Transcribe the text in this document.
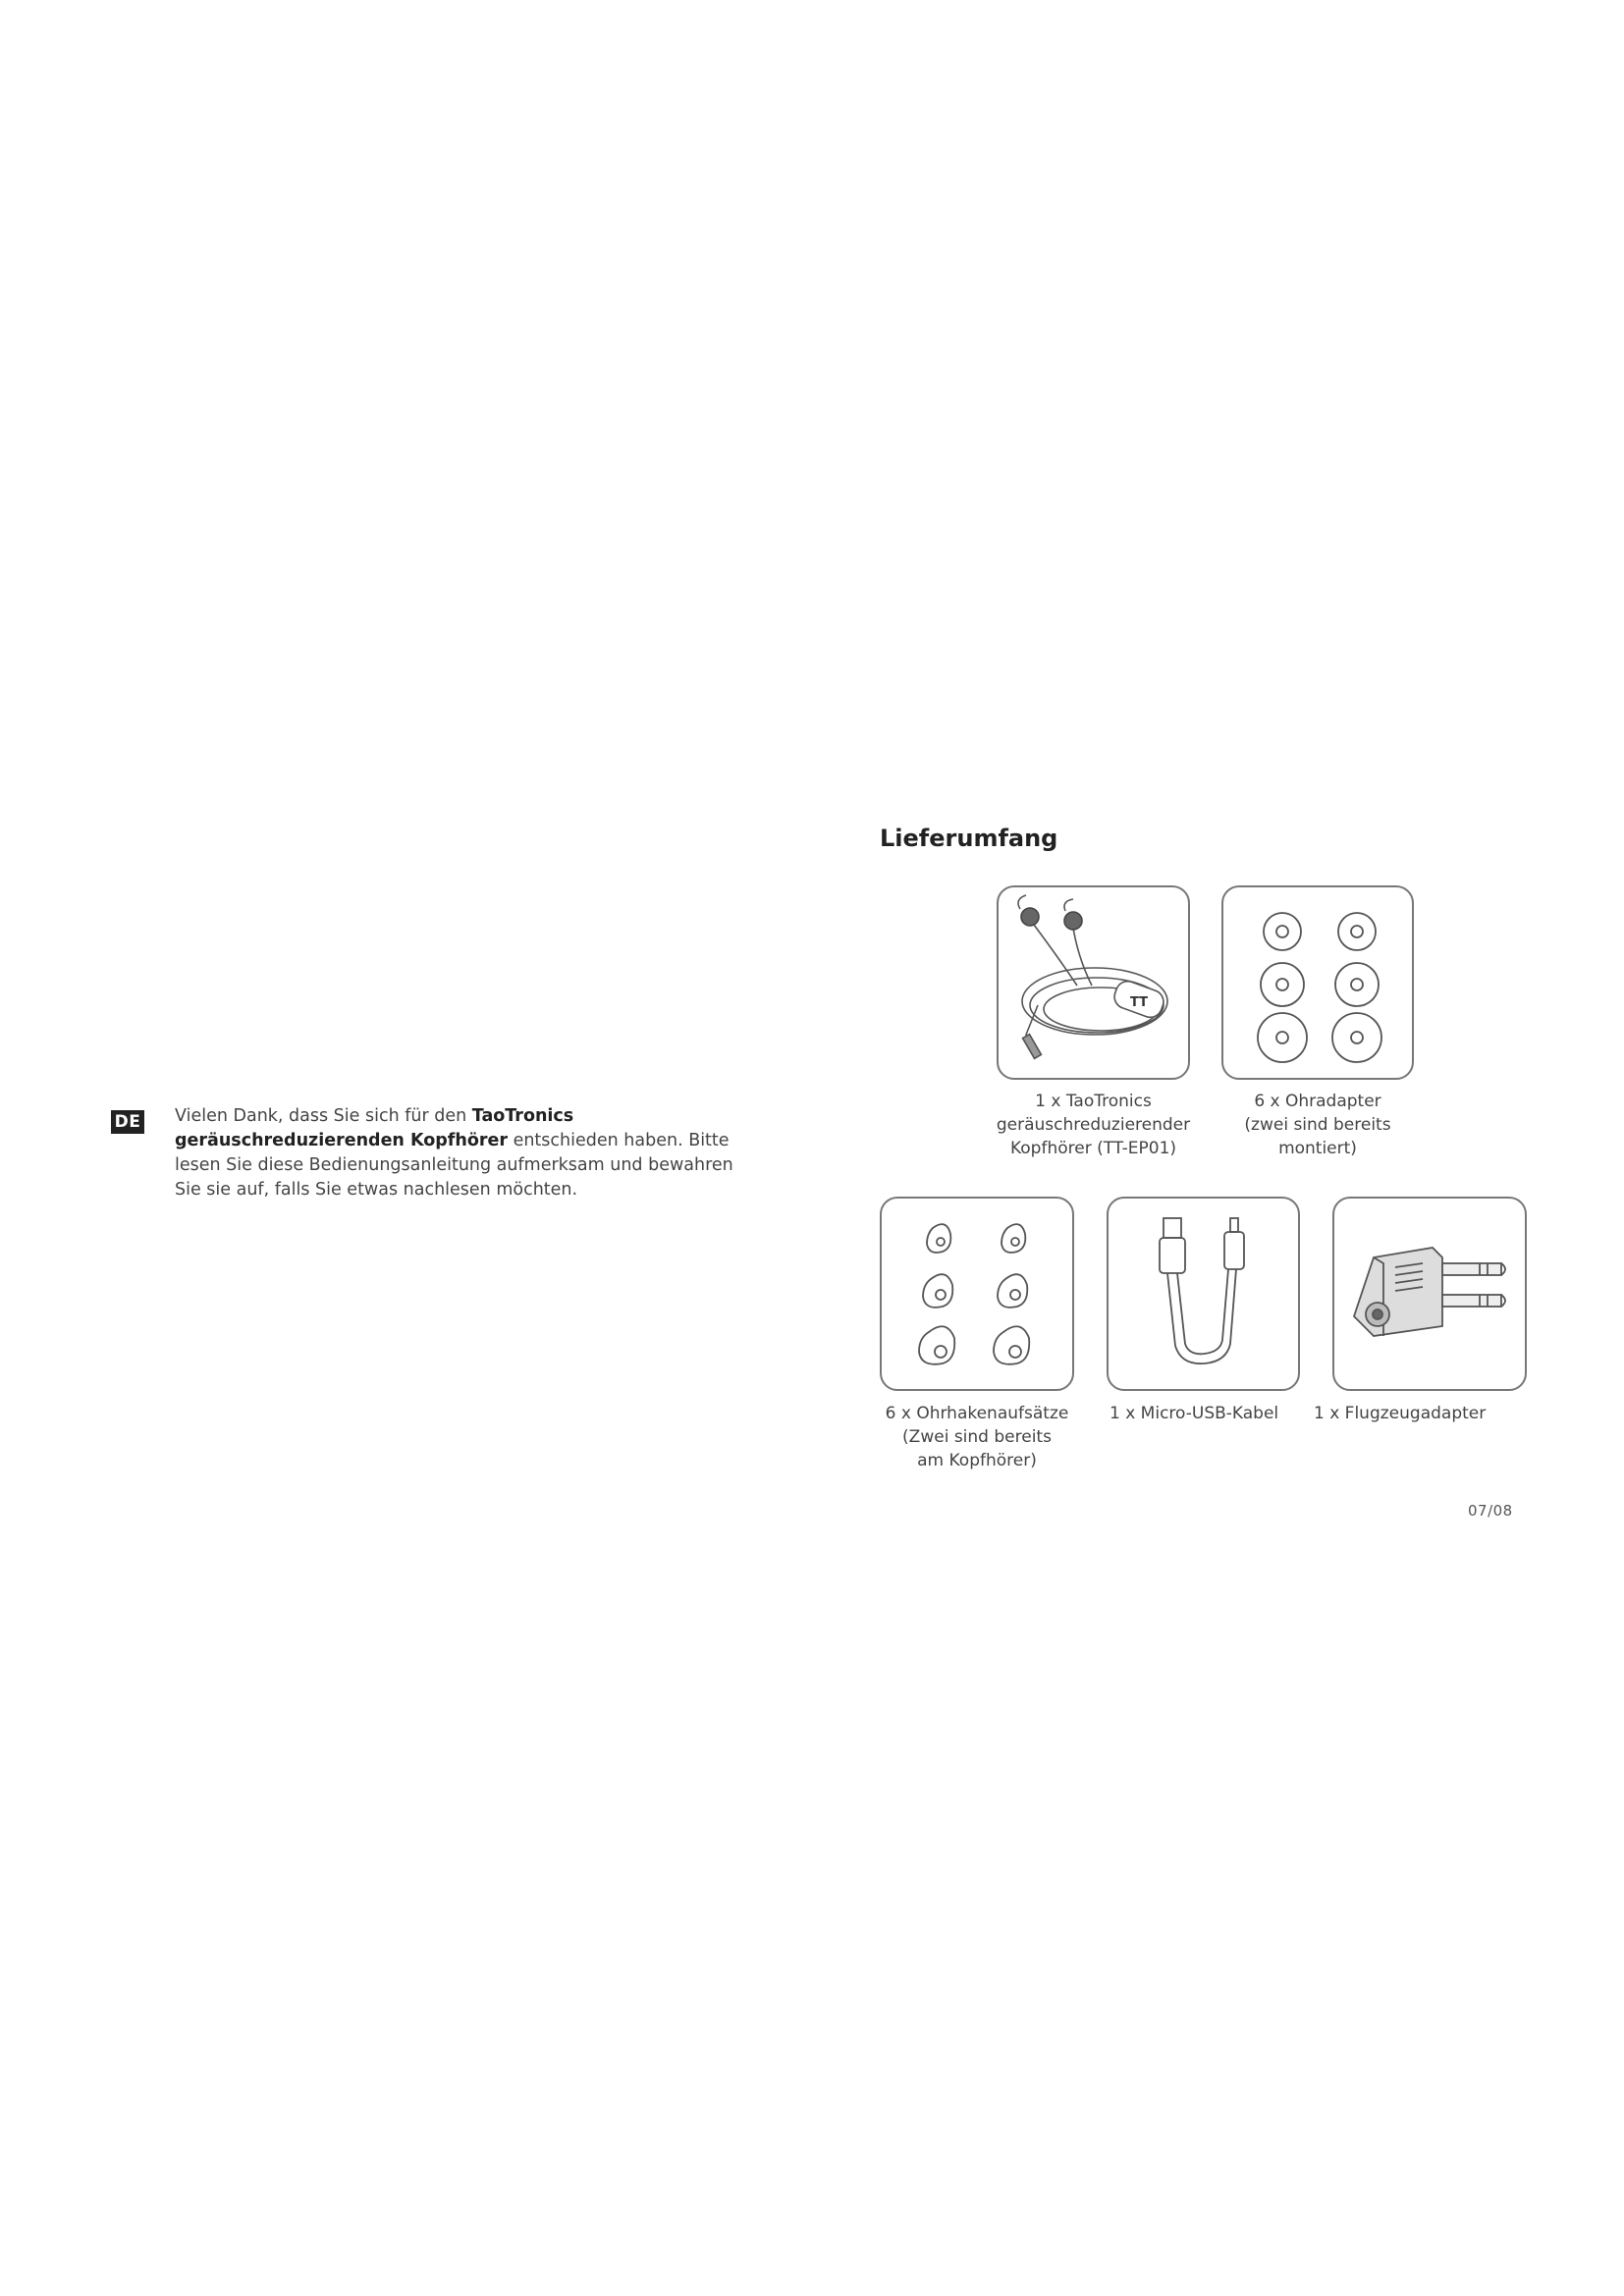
DE Vielen Dank, dass Sie sich für den TaoTronics
geräuschreduzierenden Kopfhörer entschieden haben. Bitte lesen Sie diese Bedienungsanleitung aufmerksam und bewahren Sie sie auf, falls Sie etwas nachlesen möchten.
Lieferumfang
TT
1 x TaoTronics
geräuschreduzierender
Kopfhörer (TT-EP01)
6 x Ohradapter
(zwei sind bereits
montiert)
6 x Ohrhakenaufsätze
(Zwei sind bereits
am Kopfhörer)
1 x Micro-USB-Kabel	1 x Flugzeugadapter
07/08
